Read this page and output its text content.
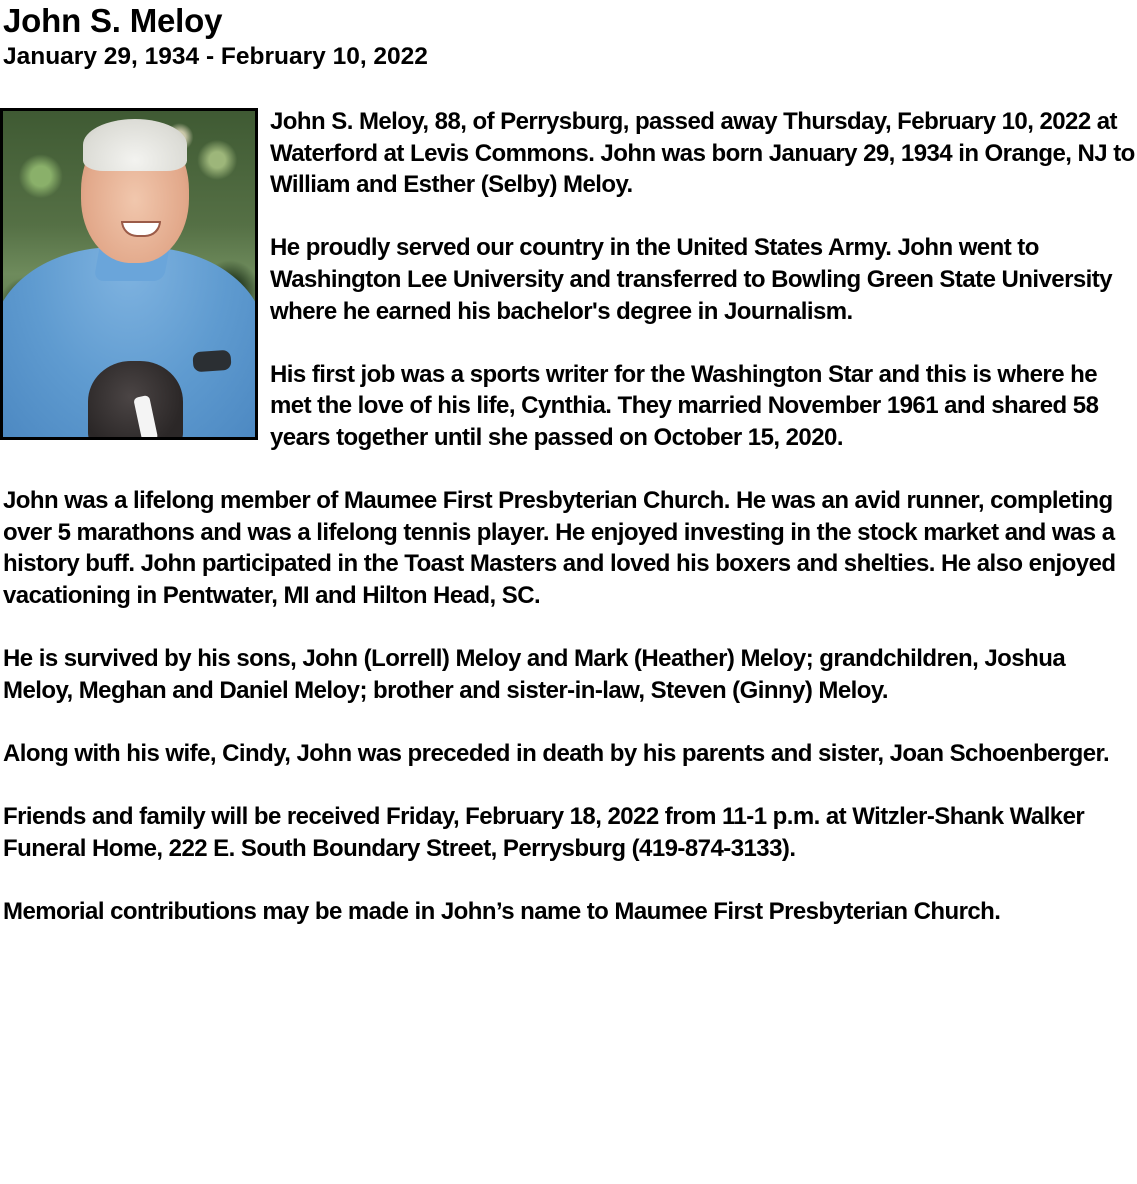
John S. Meloy
January 29, 1934 - February 10, 2022

John S. Meloy, 88, of Perrysburg, passed away Thursday, February 10, 2022 at Waterford at Levis Commons. John was born January 29, 1934 in Orange, NJ to William and Esther (Selby) Meloy.

He proudly served our country in the United States Army. John went to Washington Lee University and transferred to Bowling Green State University where he earned his bachelor's degree in Journalism.

His first job was a sports writer for the Washington Star and this is where he met the love of his life, Cynthia. They married November 1961 and shared 58 years together until she passed on October 15, 2020.

John was a lifelong member of Maumee First Presbyterian Church. He was an avid runner, completing over 5 marathons and was a lifelong tennis player. He enjoyed investing in the stock market and was a history buff. John participated in the Toast Masters and loved his boxers and shelties. He also enjoyed vacationing in Pentwater, MI and Hilton Head, SC.

He is survived by his sons, John (Lorrell) Meloy and Mark (Heather) Meloy; grandchildren, Joshua Meloy, Meghan and Daniel Meloy; brother and sister-in-law, Steven (Ginny) Meloy.

Along with his wife, Cindy, John was preceded in death by his parents and sister, Joan Schoenberger.

Friends and family will be received Friday, February 18, 2022 from 11-1 p.m. at Witzler-Shank Walker Funeral Home, 222 E. South Boundary Street, Perrysburg (419-874-3133).

Memorial contributions may be made in John’s name to Maumee First Presbyterian Church.
